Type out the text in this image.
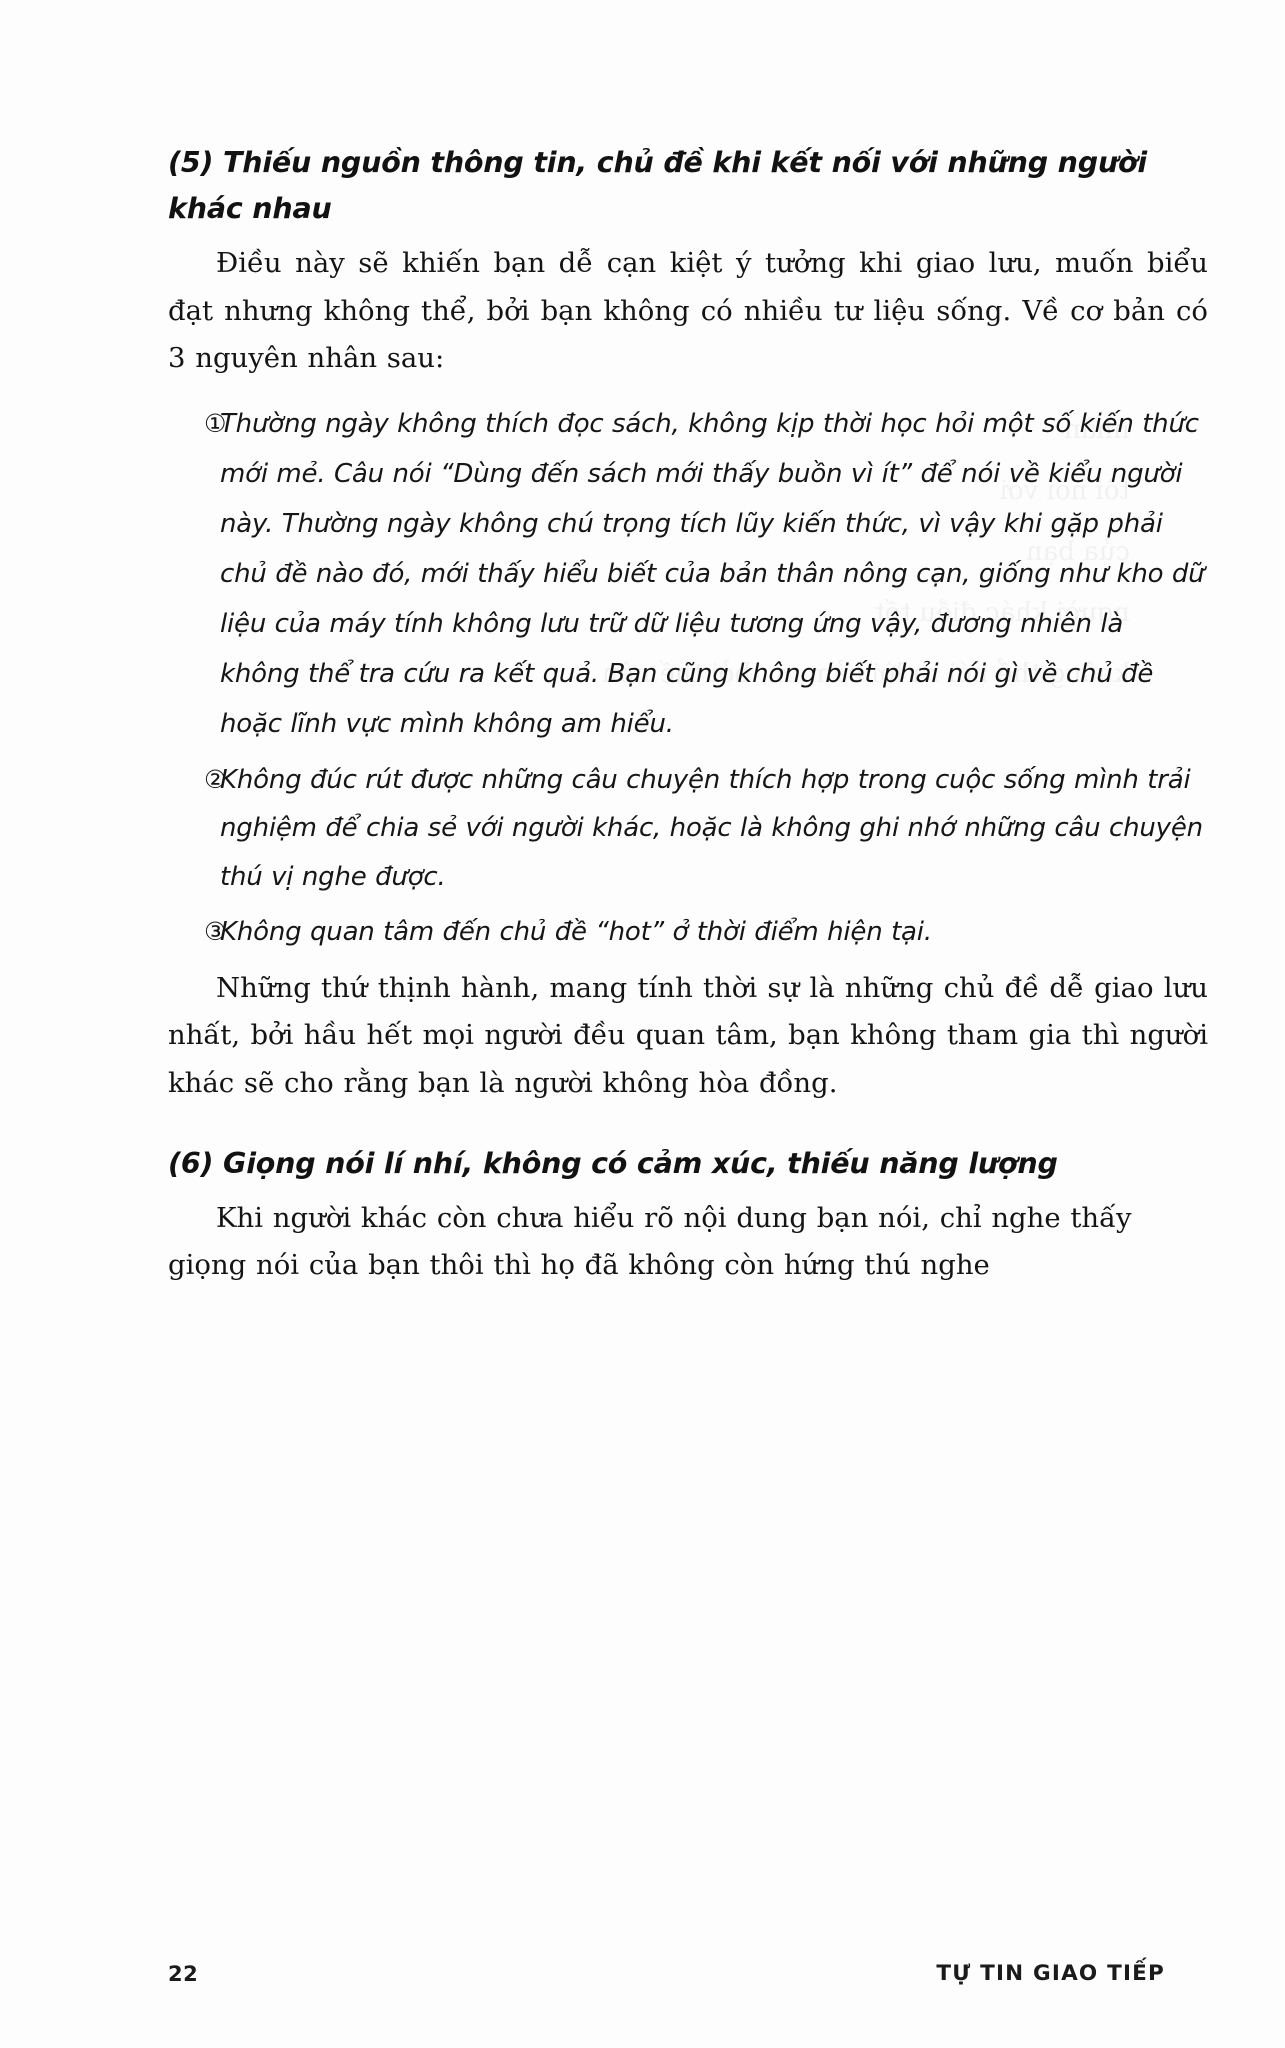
(5) Thiếu nguồn thông tin, chủ đề khi kết nối với những người khác nhau

Điều này sẽ khiến bạn dễ cạn kiệt ý tưởng khi giao lưu, muốn biểu đạt nhưng không thể, bởi bạn không có nhiều tư liệu sống. Về cơ bản có 3 nguyên nhân sau:

①
Thường ngày không thích đọc sách, không kịp thời học hỏi một số kiến thức mới mẻ. Câu nói “Dùng đến sách mới thấy buồn vì ít” để nói về kiểu người này. Thường ngày không chú trọng tích lũy kiến thức, vì vậy khi gặp phải chủ đề nào đó, mới thấy hiểu biết của bản thân nông cạn, giống như kho dữ liệu của máy tính không lưu trữ dữ liệu tương ứng vậy, đương nhiên là không thể tra cứu ra kết quả. Bạn cũng không biết phải nói gì về chủ đề hoặc lĩnh vực mình không am hiểu.
②
Không đúc rút được những câu chuyện thích hợp trong cuộc sống mình trải nghiệm để chia sẻ với người khác, hoặc là không ghi nhớ những câu chuyện thú vị nghe được.
③
Không quan tâm đến chủ đề “hot” ở thời điểm hiện tại.

Những thứ thịnh hành, mang tính thời sự là những chủ đề dễ giao lưu nhất, bởi hầu hết mọi người đều quan tâm, bạn không tham gia thì người khác sẽ cho rằng bạn là người không hòa đồng.

(6) Giọng nói lí nhí, không có cảm xúc, thiếu năng lượng

Khi người khác còn chưa hiểu rõ nội dung bạn nói, chỉ nghe thấy giọng nói của bạn thôi thì họ đã không còn hứng thú nghe

22	TỰ TIN GIAO TIẾP
